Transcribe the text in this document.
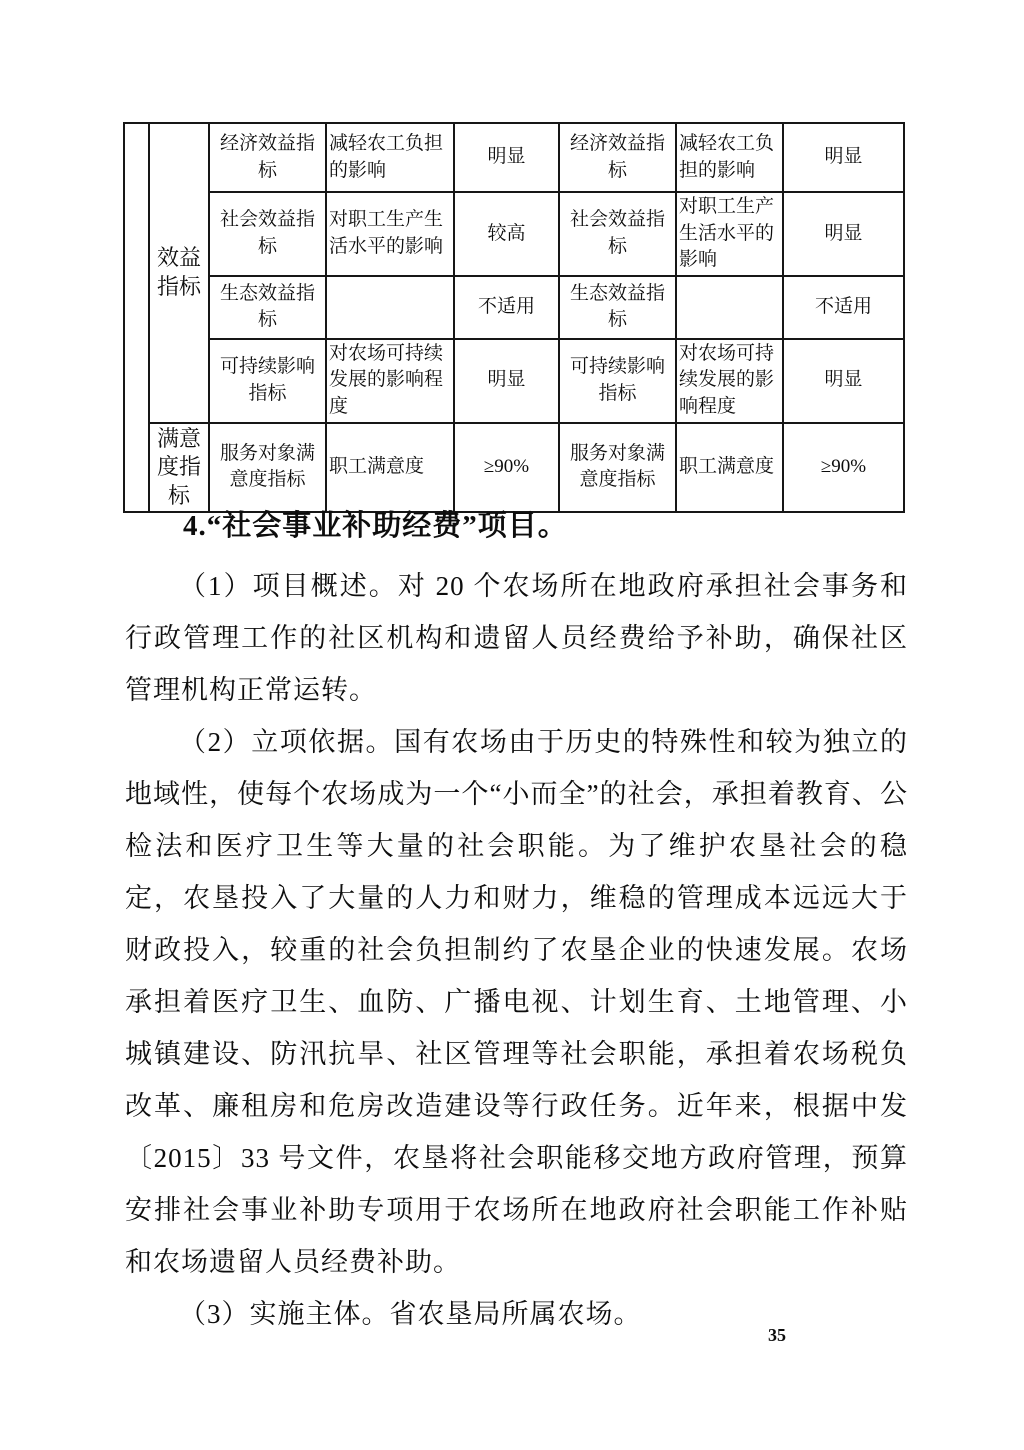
	效益指标	经济效益指标	减轻农工负担的影响	明显	经济效益指标	减轻农工负担的影响	明显
		社会效益指标	对职工生产生活水平的影响	较高	社会效益指标	对职工生产生活水平的影响	明显
		生态效益指标		不适用	生态效益指标		不适用
		可持续影响指标	对农场可持续发展的影响程度	明显	可持续影响指标	对农场可持续发展的影响程度	明显
	满意度指标	服务对象满意度指标	职工满意度	≥90%	服务对象满意度指标	职工满意度	≥90%
4.“社会事业补助经费”项目。

（1）项目概述。对 20 个农场所在地政府承担社会事务和行政管理工作的社区机构和遗留人员经费给予补助，确保社区管理机构正常运转。

（2）立项依据。国有农场由于历史的特殊性和较为独立的地域性，使每个农场成为一个“小而全”的社会，承担着教育、公检法和医疗卫生等大量的社会职能。为了维护农垦社会的稳定，农垦投入了大量的人力和财力，维稳的管理成本远远大于财政投入，较重的社会负担制约了农垦企业的快速发展。农场承担着医疗卫生、血防、广播电视、计划生育、土地管理、小城镇建设、防汛抗旱、社区管理等社会职能，承担着农场税负改革、廉租房和危房改造建设等行政任务。近年来，根据中发〔2015〕33 号文件，农垦将社会职能移交地方政府管理，预算安排社会事业补助专项用于农场所在地政府社会职能工作补贴和农场遗留人员经费补助。

（3）实施主体。省农垦局所属农场。

35
